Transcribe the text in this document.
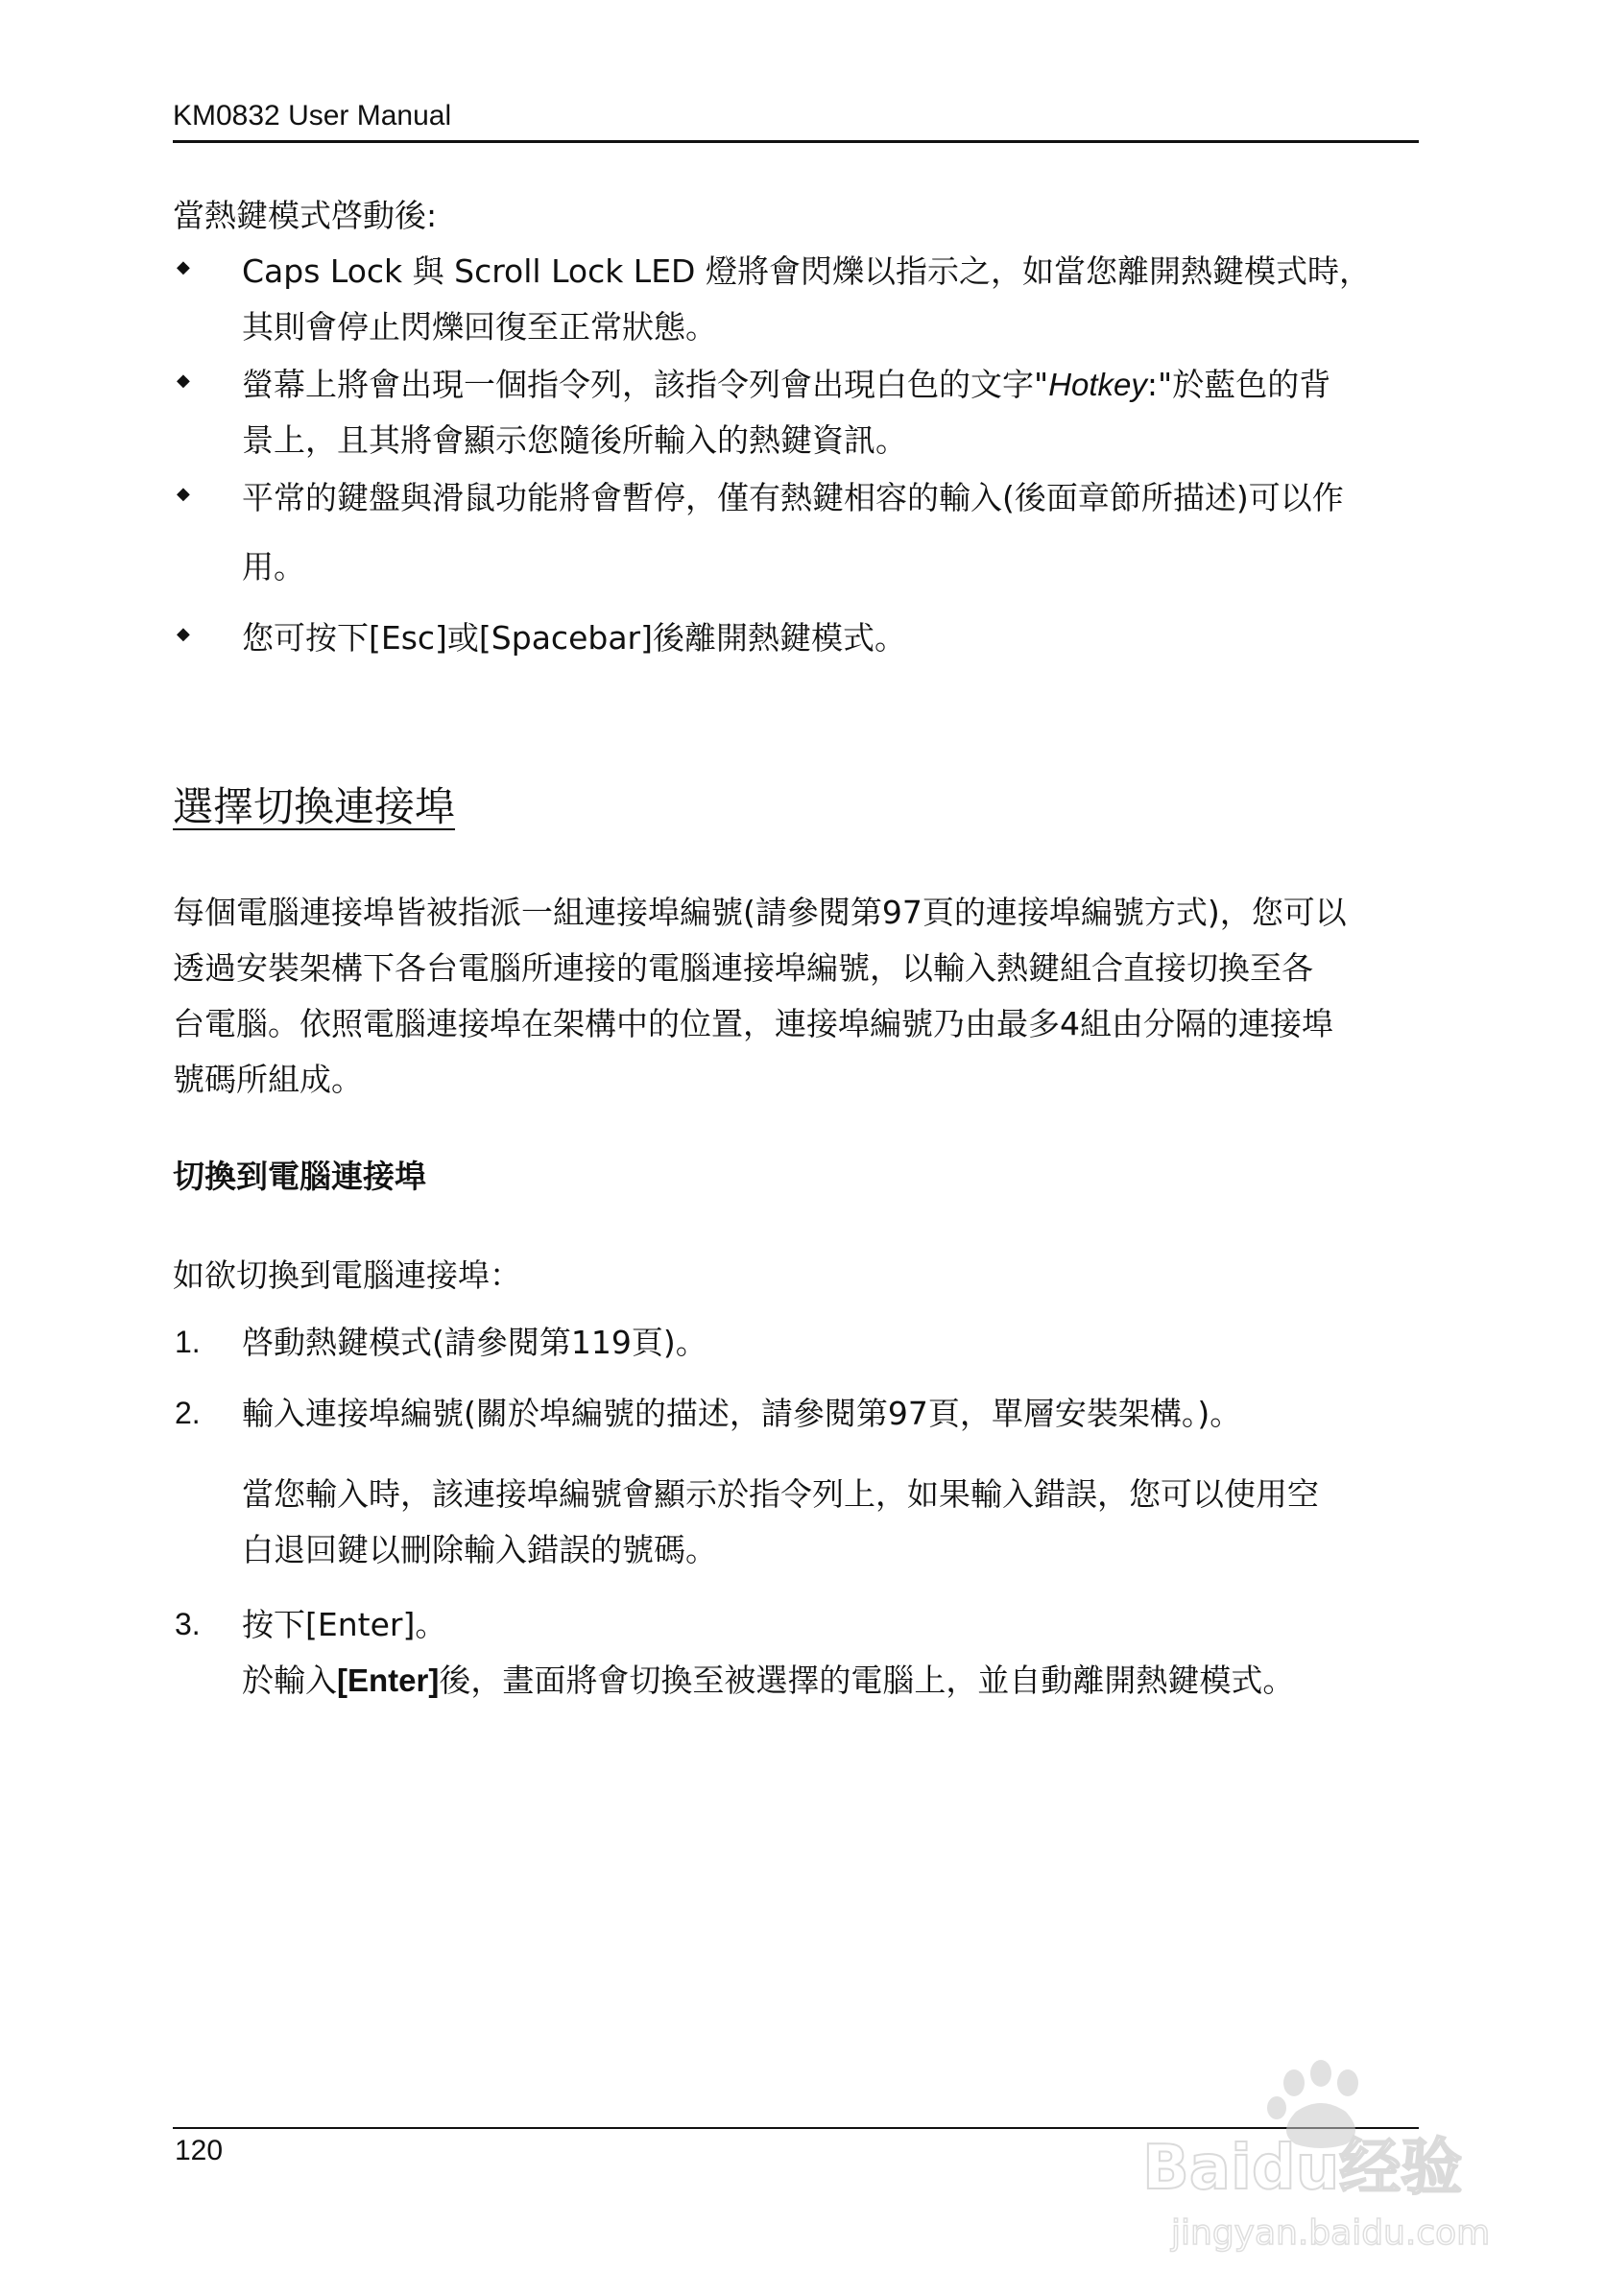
KM0832 User Manual
當熱鍵模式啓動後:
◆ Caps Lock 與 Scroll Lock LED 燈將會閃爍以指示之，如當您離開熱鍵模式時，
其則會停止閃爍回復至正常狀態。
◆ 螢幕上將會出現一個指令列，該指令列會出現白色的文字"Hotkey:"於藍色的背
景上，且其將會顯示您隨後所輸入的熱鍵資訊。
◆ 平常的鍵盤與滑鼠功能將會暫停，僅有熱鍵相容的輸入(後面章節所描述)可以作
用。
◆ 您可按下[Esc]或[Spacebar]後離開熱鍵模式。
選擇切換連接埠
每個電腦連接埠皆被指派一組連接埠編號(請參閱第97頁的連接埠編號方式)，您可以
透過安裝架構下各台電腦所連接的電腦連接埠編號，以輸入熱鍵組合直接切換至各
台電腦。依照電腦連接埠在架構中的位置，連接埠編號乃由最多4組由分隔的連接埠
號碼所組成。
切換到電腦連接埠
如欲切換到電腦連接埠：
1. 啓動熱鍵模式(請參閱第119頁)。
2. 輸入連接埠編號(關於埠編號的描述，請參閱第97頁，單層安裝架構。)。
當您輸入時，該連接埠編號會顯示於指令列上，如果輸入錯誤，您可以使用空
白退回鍵以刪除輸入錯誤的號碼。
3. 按下[Enter]。
於輸入[Enter]後，畫面將會切換至被選擇的電腦上，並自動離開熱鍵模式。
120	Baidu经验
jingyan.baidu.com
